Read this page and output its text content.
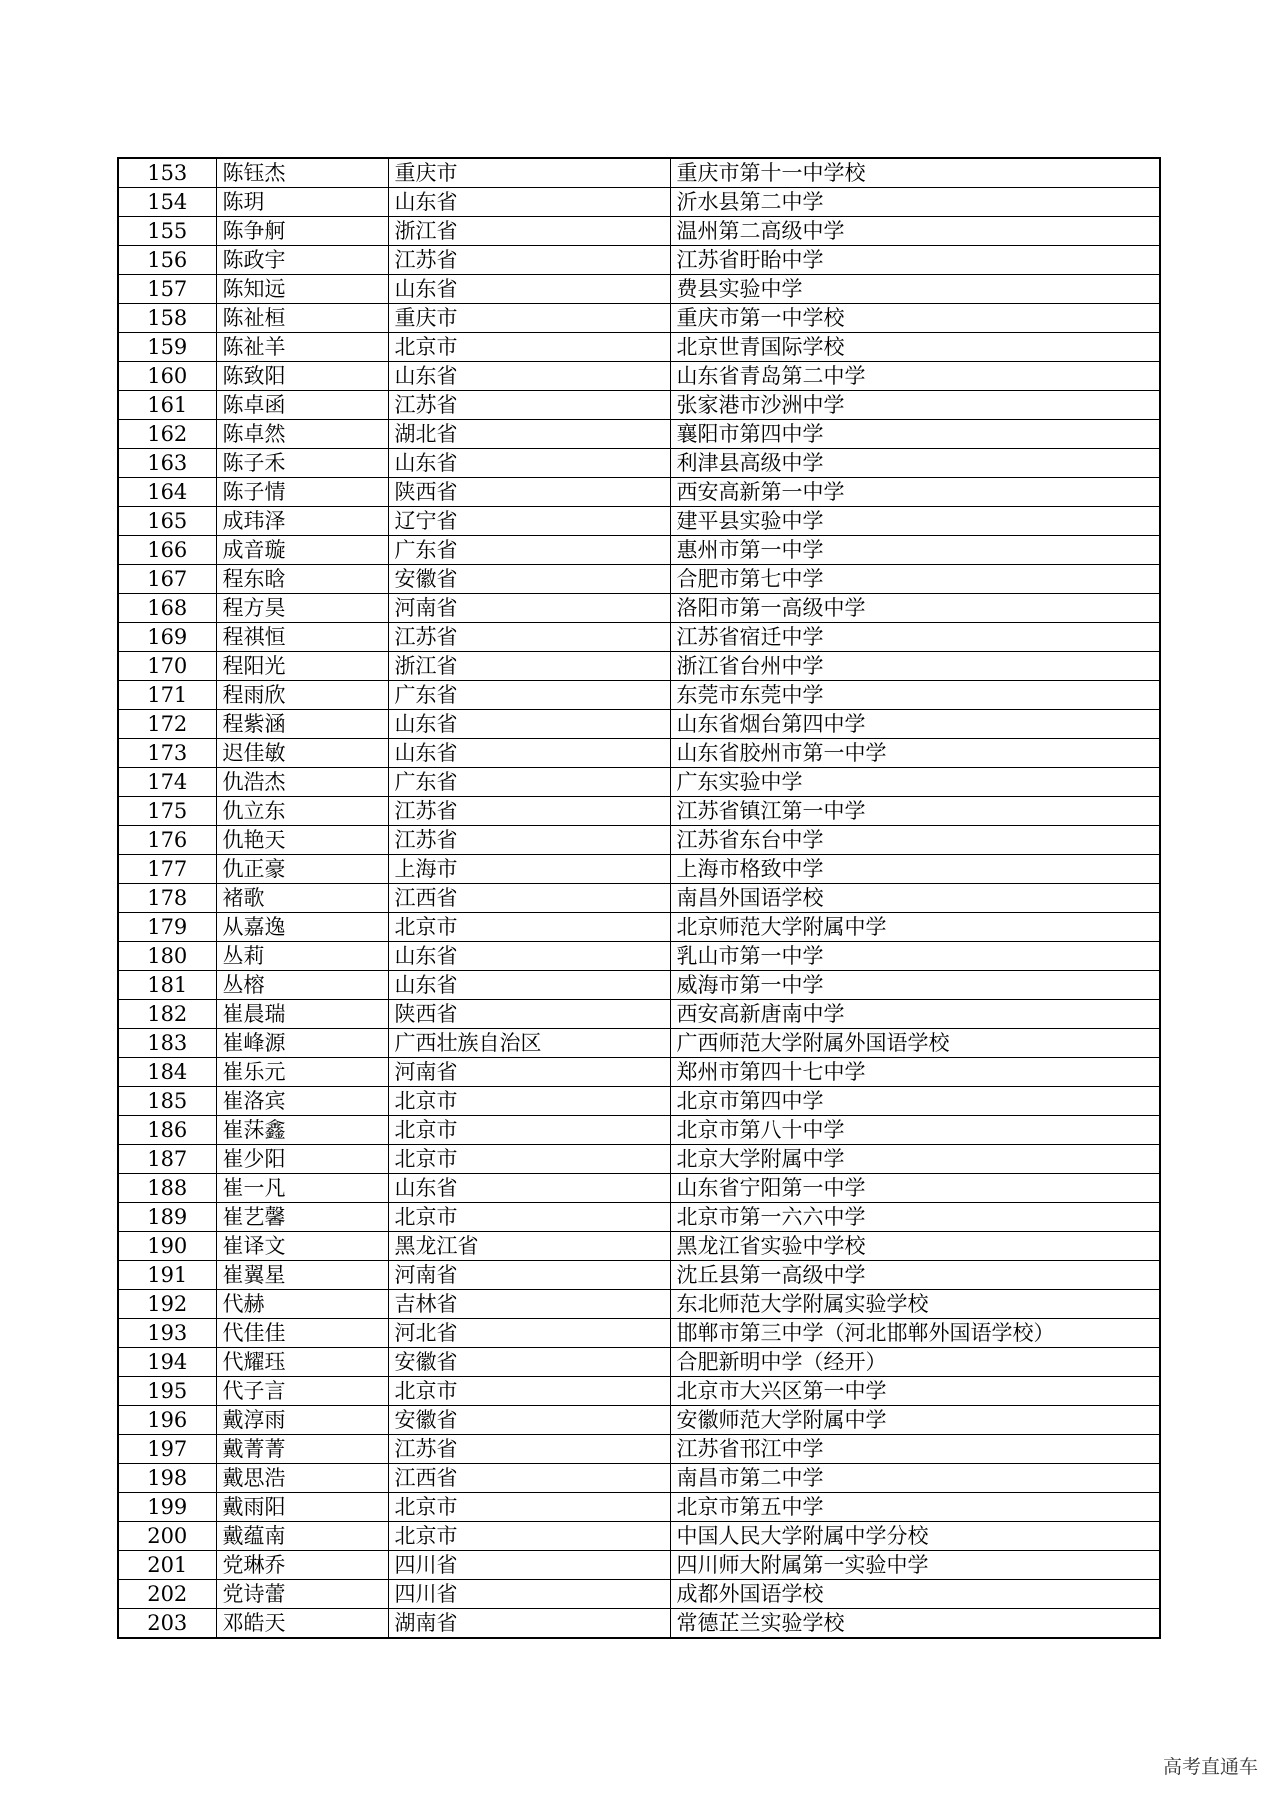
153	陈钰杰	重庆市	重庆市第十一中学校
154	陈玥	山东省	沂水县第二中学
155	陈争舸	浙江省	温州第二高级中学
156	陈政宇	江苏省	江苏省盱眙中学
157	陈知远	山东省	费县实验中学
158	陈祉桓	重庆市	重庆市第一中学校
159	陈祉羊	北京市	北京世青国际学校
160	陈致阳	山东省	山东省青岛第二中学
161	陈卓函	江苏省	张家港市沙洲中学
162	陈卓然	湖北省	襄阳市第四中学
163	陈子禾	山东省	利津县高级中学
164	陈子情	陕西省	西安高新第一中学
165	成玮泽	辽宁省	建平县实验中学
166	成音璇	广东省	惠州市第一中学
167	程东晗	安徽省	合肥市第七中学
168	程方昊	河南省	洛阳市第一高级中学
169	程祺恒	江苏省	江苏省宿迁中学
170	程阳光	浙江省	浙江省台州中学
171	程雨欣	广东省	东莞市东莞中学
172	程紫涵	山东省	山东省烟台第四中学
173	迟佳敏	山东省	山东省胶州市第一中学
174	仇浩杰	广东省	广东实验中学
175	仇立东	江苏省	江苏省镇江第一中学
176	仇艳天	江苏省	江苏省东台中学
177	仇正豪	上海市	上海市格致中学
178	褚歌	江西省	南昌外国语学校
179	从嘉逸	北京市	北京师范大学附属中学
180	丛莉	山东省	乳山市第一中学
181	丛榕	山东省	威海市第一中学
182	崔晨瑞	陕西省	西安高新唐南中学
183	崔峰源	广西壮族自治区	广西师范大学附属外国语学校
184	崔乐元	河南省	郑州市第四十七中学
185	崔洛宾	北京市	北京市第四中学
186	崔莯鑫	北京市	北京市第八十中学
187	崔少阳	北京市	北京大学附属中学
188	崔一凡	山东省	山东省宁阳第一中学
189	崔艺馨	北京市	北京市第一六六中学
190	崔译文	黑龙江省	黑龙江省实验中学校
191	崔翼星	河南省	沈丘县第一高级中学
192	代赫	吉林省	东北师范大学附属实验学校
193	代佳佳	河北省	邯郸市第三中学（河北邯郸外国语学校）
194	代耀珏	安徽省	合肥新明中学（经开）
195	代子言	北京市	北京市大兴区第一中学
196	戴淳雨	安徽省	安徽师范大学附属中学
197	戴菁菁	江苏省	江苏省邗江中学
198	戴思浩	江西省	南昌市第二中学
199	戴雨阳	北京市	北京市第五中学
200	戴蕴南	北京市	中国人民大学附属中学分校
201	党琳乔	四川省	四川师大附属第一实验中学
202	党诗蕾	四川省	成都外国语学校
203	邓皓天	湖南省	常德芷兰实验学校
高考直通车
